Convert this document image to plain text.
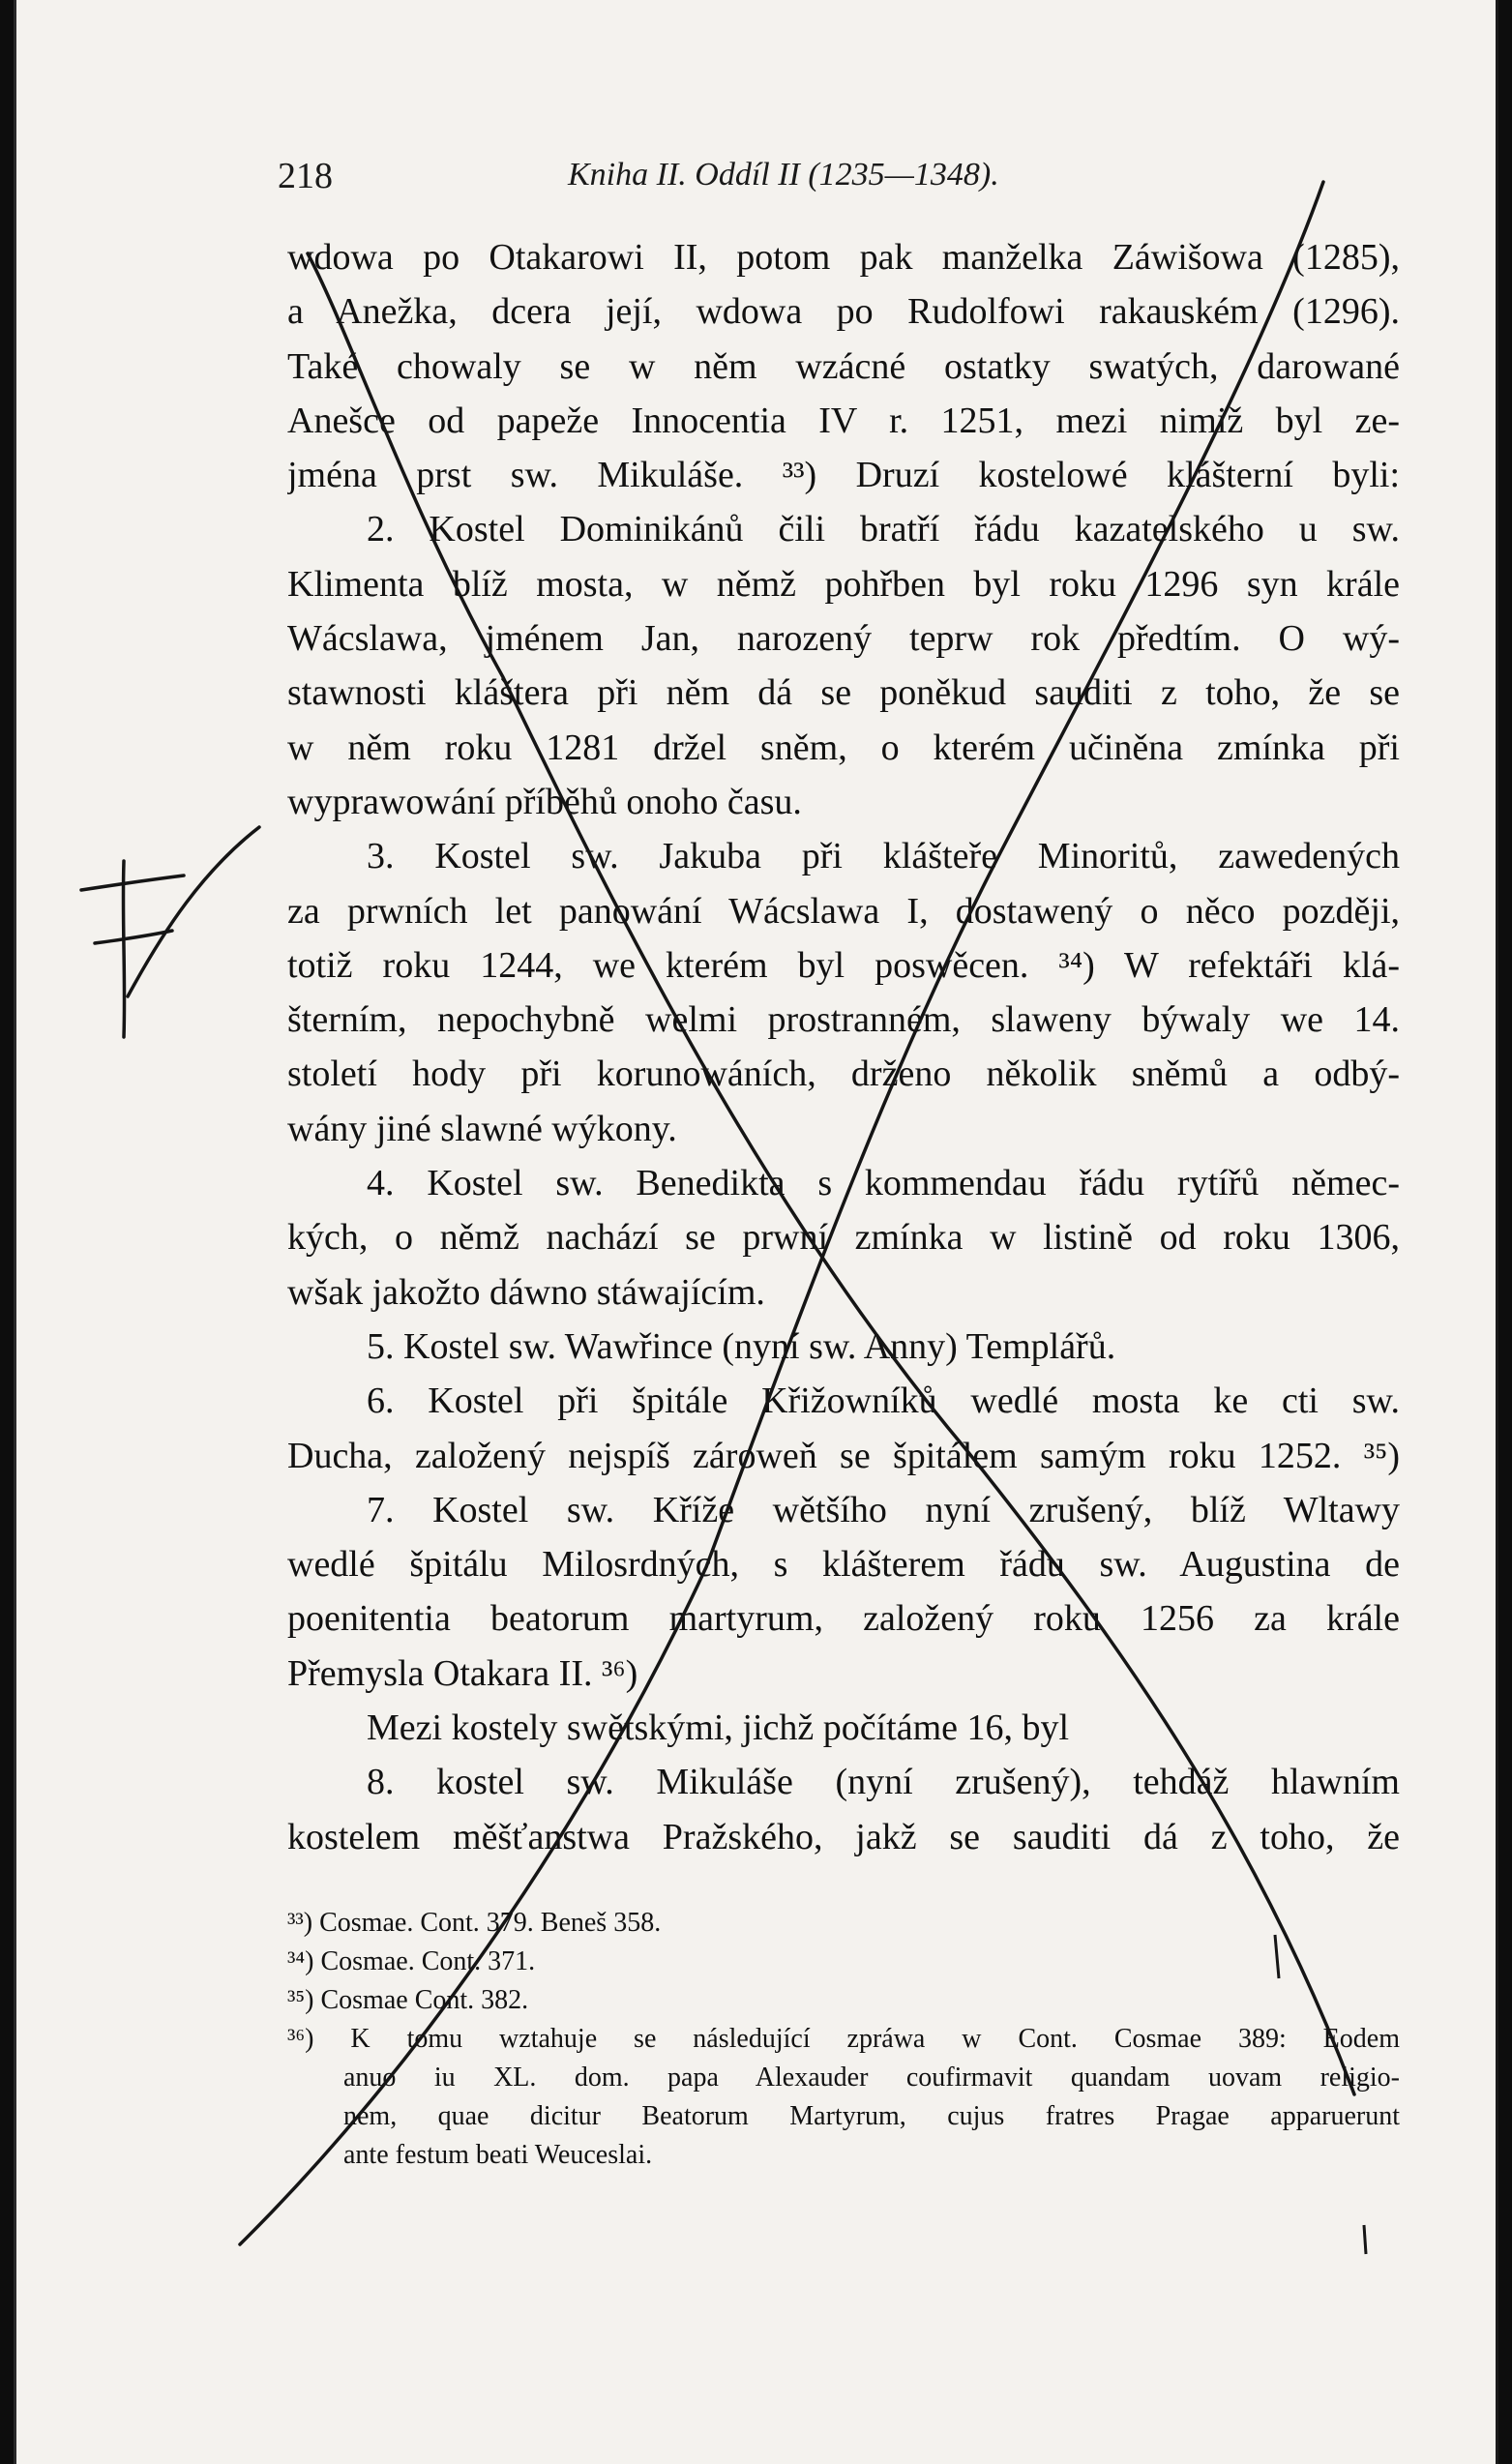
218	Kniha II. Oddíl II (1235—1348).
wdowa po Otakarowi II, potom pak manželka Záwišowa (1285),
a Anežka, dcera její, wdowa po Rudolfowi rakauském (1296).
Také chowaly se w něm wzácné ostatky swatých, darowané
Anešce od papeže Innocentia IV r. 1251, mezi nimiž byl ze-
jména prst sw. Mikuláše. ³³) Druzí kostelowé klášterní byli:
2. Kostel Dominikánů čili bratří řádu kazatelského u sw.
Klimenta blíž mosta, w němž pohřben byl roku 1296 syn krále
Wácslawa, jménem Jan, narozený teprw rok předtím. O wý-
stawnosti kláštera při něm dá se poněkud sauditi z toho, že se
w něm roku 1281 držel sněm, o kterém učiněna zmínka při
wyprawowání příběhů onoho času.
3. Kostel sw. Jakuba při klášteře Minoritů, zawedených
za prwních let panowání Wácslawa I, dostawený o něco později,
totiž roku 1244, we kterém byl poswěcen. ³⁴) W refektáři klá-
šterním, nepochybně welmi prostranném, slaweny býwaly we 14.
století hody při korunowáních, drženo několik sněmů a odbý-
wány jiné slawné wýkony.
4. Kostel sw. Benedikta s kommendau řádu rytířů němec-
kých, o němž nachází se prwní zmínka w listině od roku 1306,
wšak jakožto dáwno stáwajícím.
5. Kostel sw. Wawřince (nyní sw. Anny) Templářů.
6. Kostel při špitále Křižowníků wedlé mosta ke cti sw.
Ducha, založený nejspíš zároweň se špitálem samým roku 1252. ³⁵)
7. Kostel sw. Kříže wětšího nyní zrušený, blíž Wltawy
wedlé špitálu Milosrdných, s klášterem řádu sw. Augustina de
poenitentia beatorum martyrum, založený roku 1256 za krále
Přemysla Otakara II. ³⁶)
Mezi kostely swětskými, jichž počítáme 16, byl
8. kostel sw. Mikuláše (nyní zrušený), tehdáž hlawním
kostelem měšťanstwa Pražského, jakž se sauditi dá z toho, že
³³) Cosmae. Cont. 379. Beneš 358.
³⁴) Cosmae. Cont. 371.
³⁵) Cosmae Cont. 382.
³⁶) K tomu wztahuje se následující zpráwa w Cont. Cosmae 389: Eodem
anuo iu XL. dom. papa Alexauder coufirmavit quandam uovam religio-
nem, quae dicitur Beatorum Martyrum, cujus fratres Pragae apparuerunt
ante festum beati Weuceslai.
